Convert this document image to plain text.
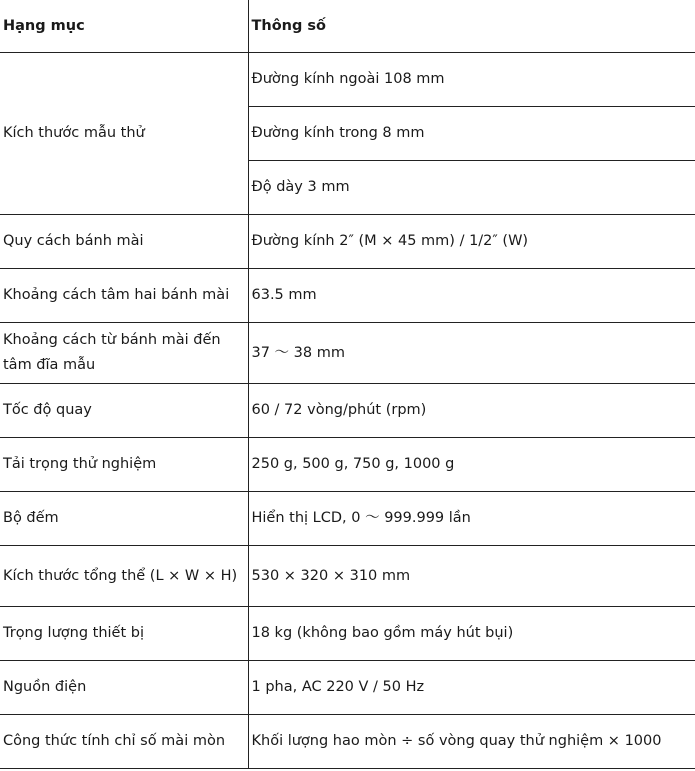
Hạng mục	Thông số
Kích thước mẫu thử	Đường kính ngoài 108 mm
	Đường kính trong 8 mm
	Độ dày 3 mm
Quy cách bánh mài	Đường kính 2″ (M × 45 mm) / 1/2″ (W)
Khoảng cách tâm hai bánh mài	63.5 mm
Khoảng cách từ bánh mài đến tâm đĩa mẫu	37 ～ 38 mm
Tốc độ quay	60 / 72 vòng/phút (rpm)
Tải trọng thử nghiệm	250 g, 500 g, 750 g, 1000 g
Bộ đếm	Hiển thị LCD, 0 ～ 999.999 lần
Kích thước tổng thể (L × W × H)	530 × 320 × 310 mm
Trọng lượng thiết bị	18 kg (không bao gồm máy hút bụi)
Nguồn điện	1 pha, AC 220 V / 50 Hz
Công thức tính chỉ số mài mòn	Khối lượng hao mòn ÷ số vòng quay thử nghiệm × 1000
